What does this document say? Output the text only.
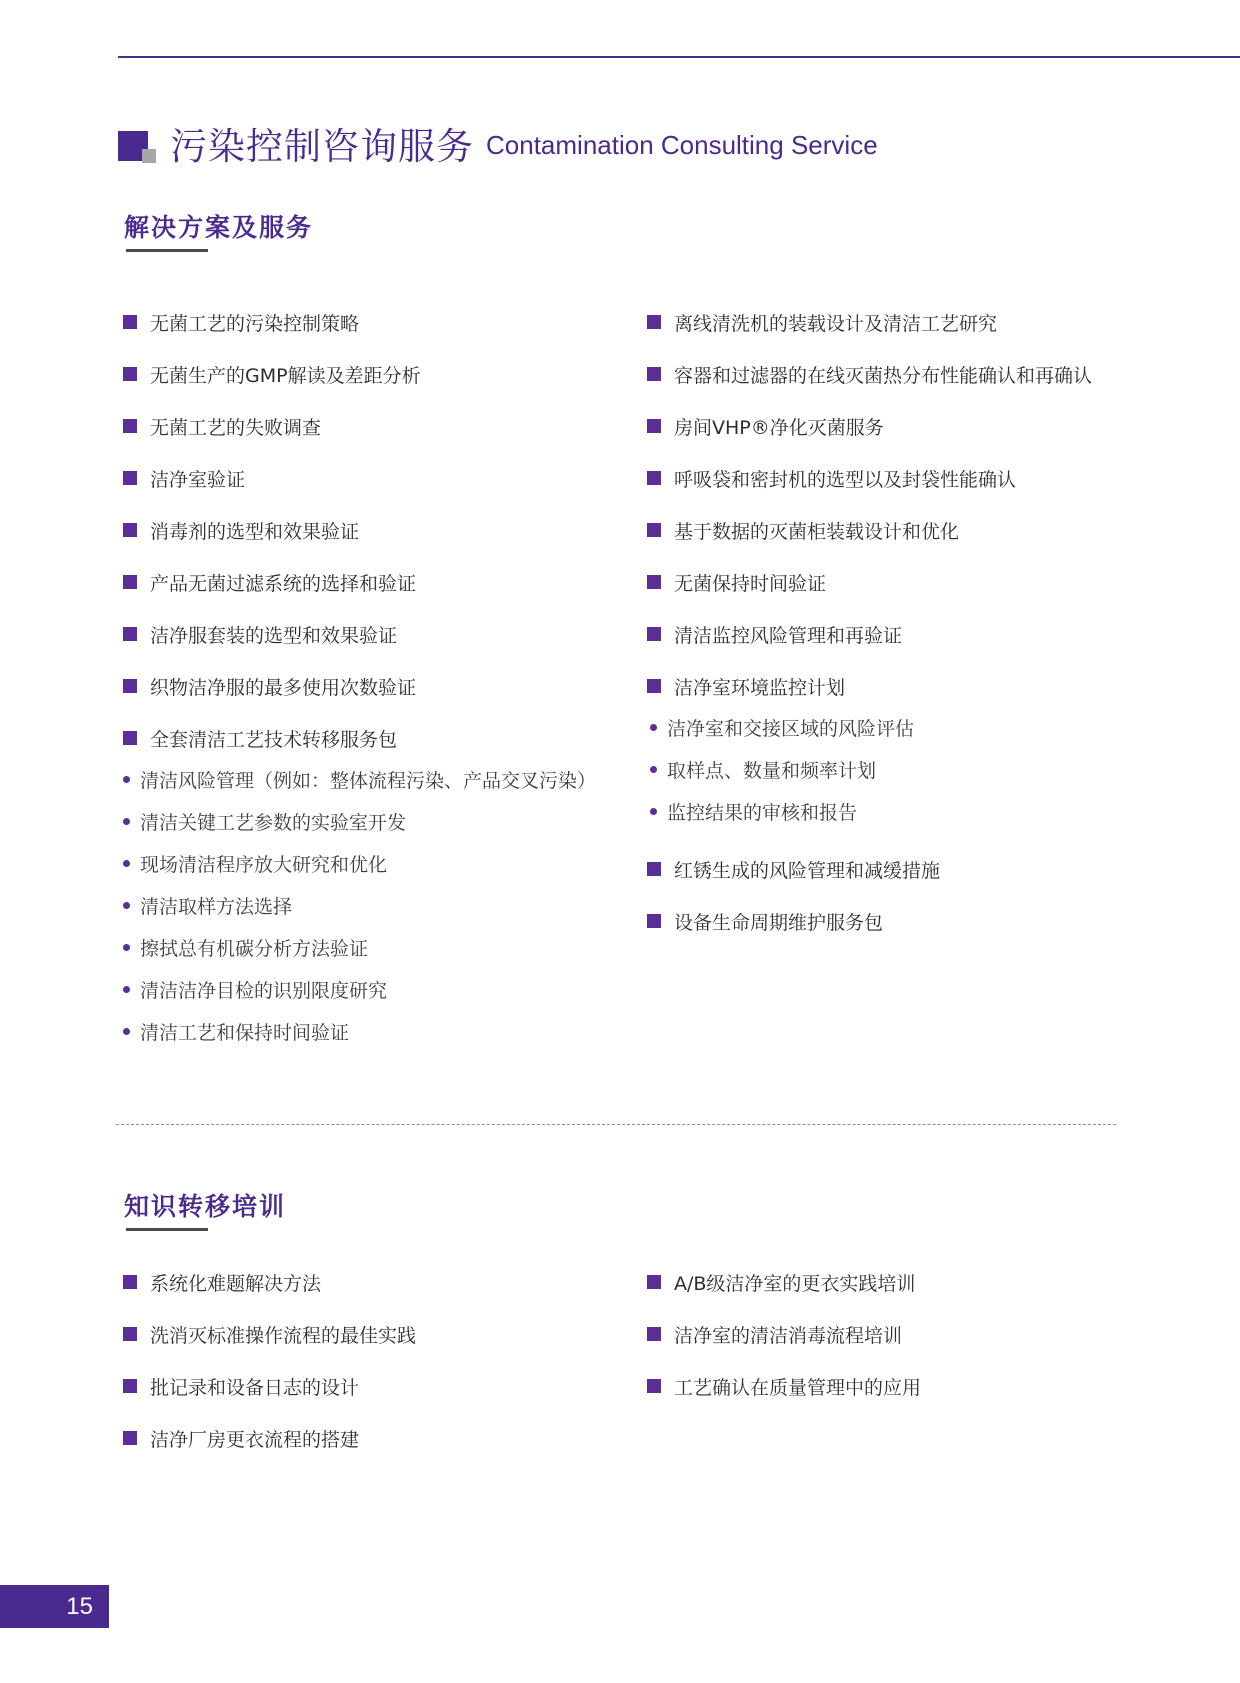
污染控制咨询服务 Contamination Consulting Service
解决方案及服务
无菌工艺的污染控制策略
无菌生产的GMP解读及差距分析
无菌工艺的失败调查
洁净室验证
消毒剂的选型和效果验证
产品无菌过滤系统的选择和验证
洁净服套装的选型和效果验证
织物洁净服的最多使用次数验证
全套清洁工艺技术转移服务包
清洁风险管理（例如：整体流程污染、产品交叉污染）
清洁关键工艺参数的实验室开发
现场清洁程序放大研究和优化
清洁取样方法选择
擦拭总有机碳分析方法验证
清洁洁净目检的识别限度研究
清洁工艺和保持时间验证
离线清洗机的装载设计及清洁工艺研究
容器和过滤器的在线灭菌热分布性能确认和再确认
房间VHP®净化灭菌服务
呼吸袋和密封机的选型以及封袋性能确认
基于数据的灭菌柜装载设计和优化
无菌保持时间验证
清洁监控风险管理和再验证
洁净室环境监控计划
洁净室和交接区域的风险评估
取样点、数量和频率计划
监控结果的审核和报告
红锈生成的风险管理和减缓措施
设备生命周期维护服务包
知识转移培训
系统化难题解决方法
洗消灭标准操作流程的最佳实践
批记录和设备日志的设计
洁净厂房更衣流程的搭建
A/B级洁净室的更衣实践培训
洁净室的清洁消毒流程培训
工艺确认在质量管理中的应用
15
